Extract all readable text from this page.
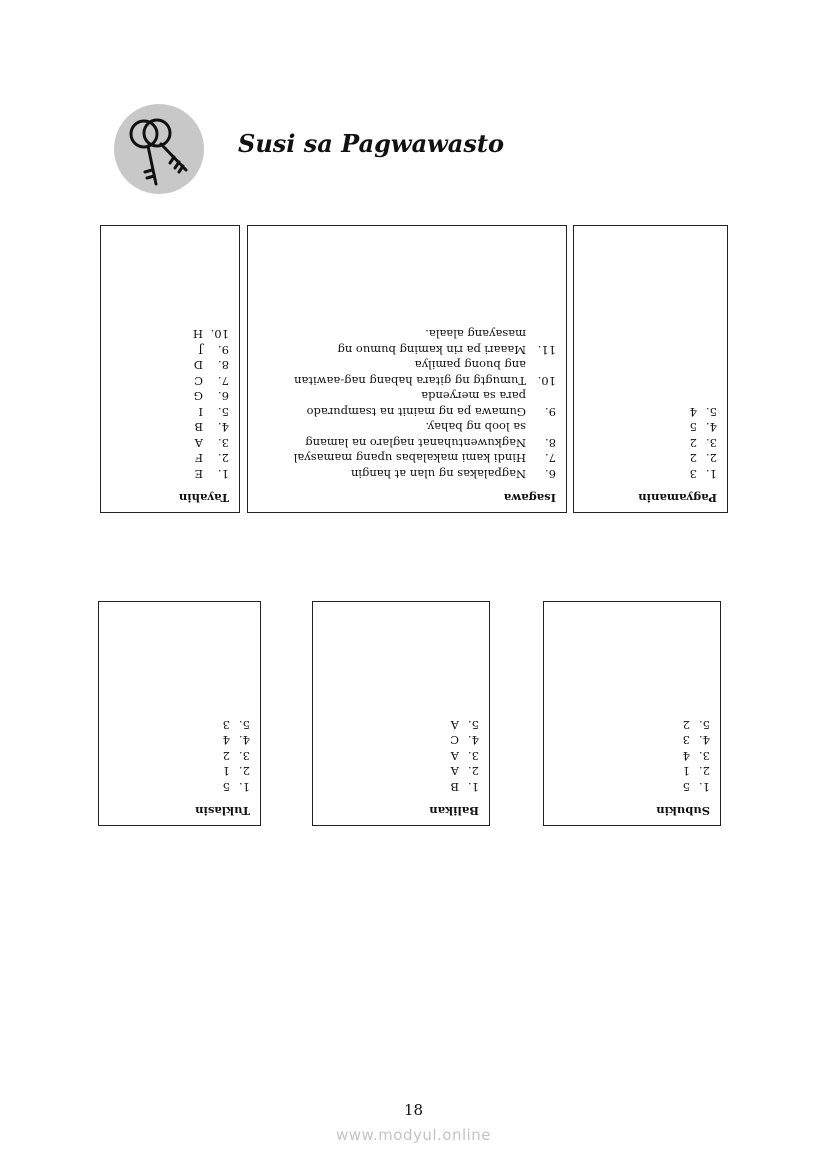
Susi sa Pagwawasto
Tayahin
1.
E
2.
F
3.
A
4.
B
5.
I
6.
G
7.
C
8.
D
9.
J
10.
H
Isagawa
6.
Nagpalakas ng ulan at hangin
7.
Hindi kami makalabas upang mamasyal
8.
Nagkuwentuhanat naglaro na lamang
sa loob ng bahay.
9.
Gumawa pa ng mainit na tsampurado
para sa meryenda
10.
Tumugtg ng gitara habang nag-aawitan
ang buong pamilya
11.
Maaari pa rin kaming bumuo ng
masayang alaala.
Pagyamanin
1.
3
2.
2
3.
2
4.
5
5.
4
Tuklasin
1.
5
2.
1
3.
2
4.
4
5.
3
Balikan
1.
B
2.
A
3.
A
4.
C
5.
A
Subukin
1.
5
2.
1
3.
4
4.
3
5.
2
18
www.modyul.online
